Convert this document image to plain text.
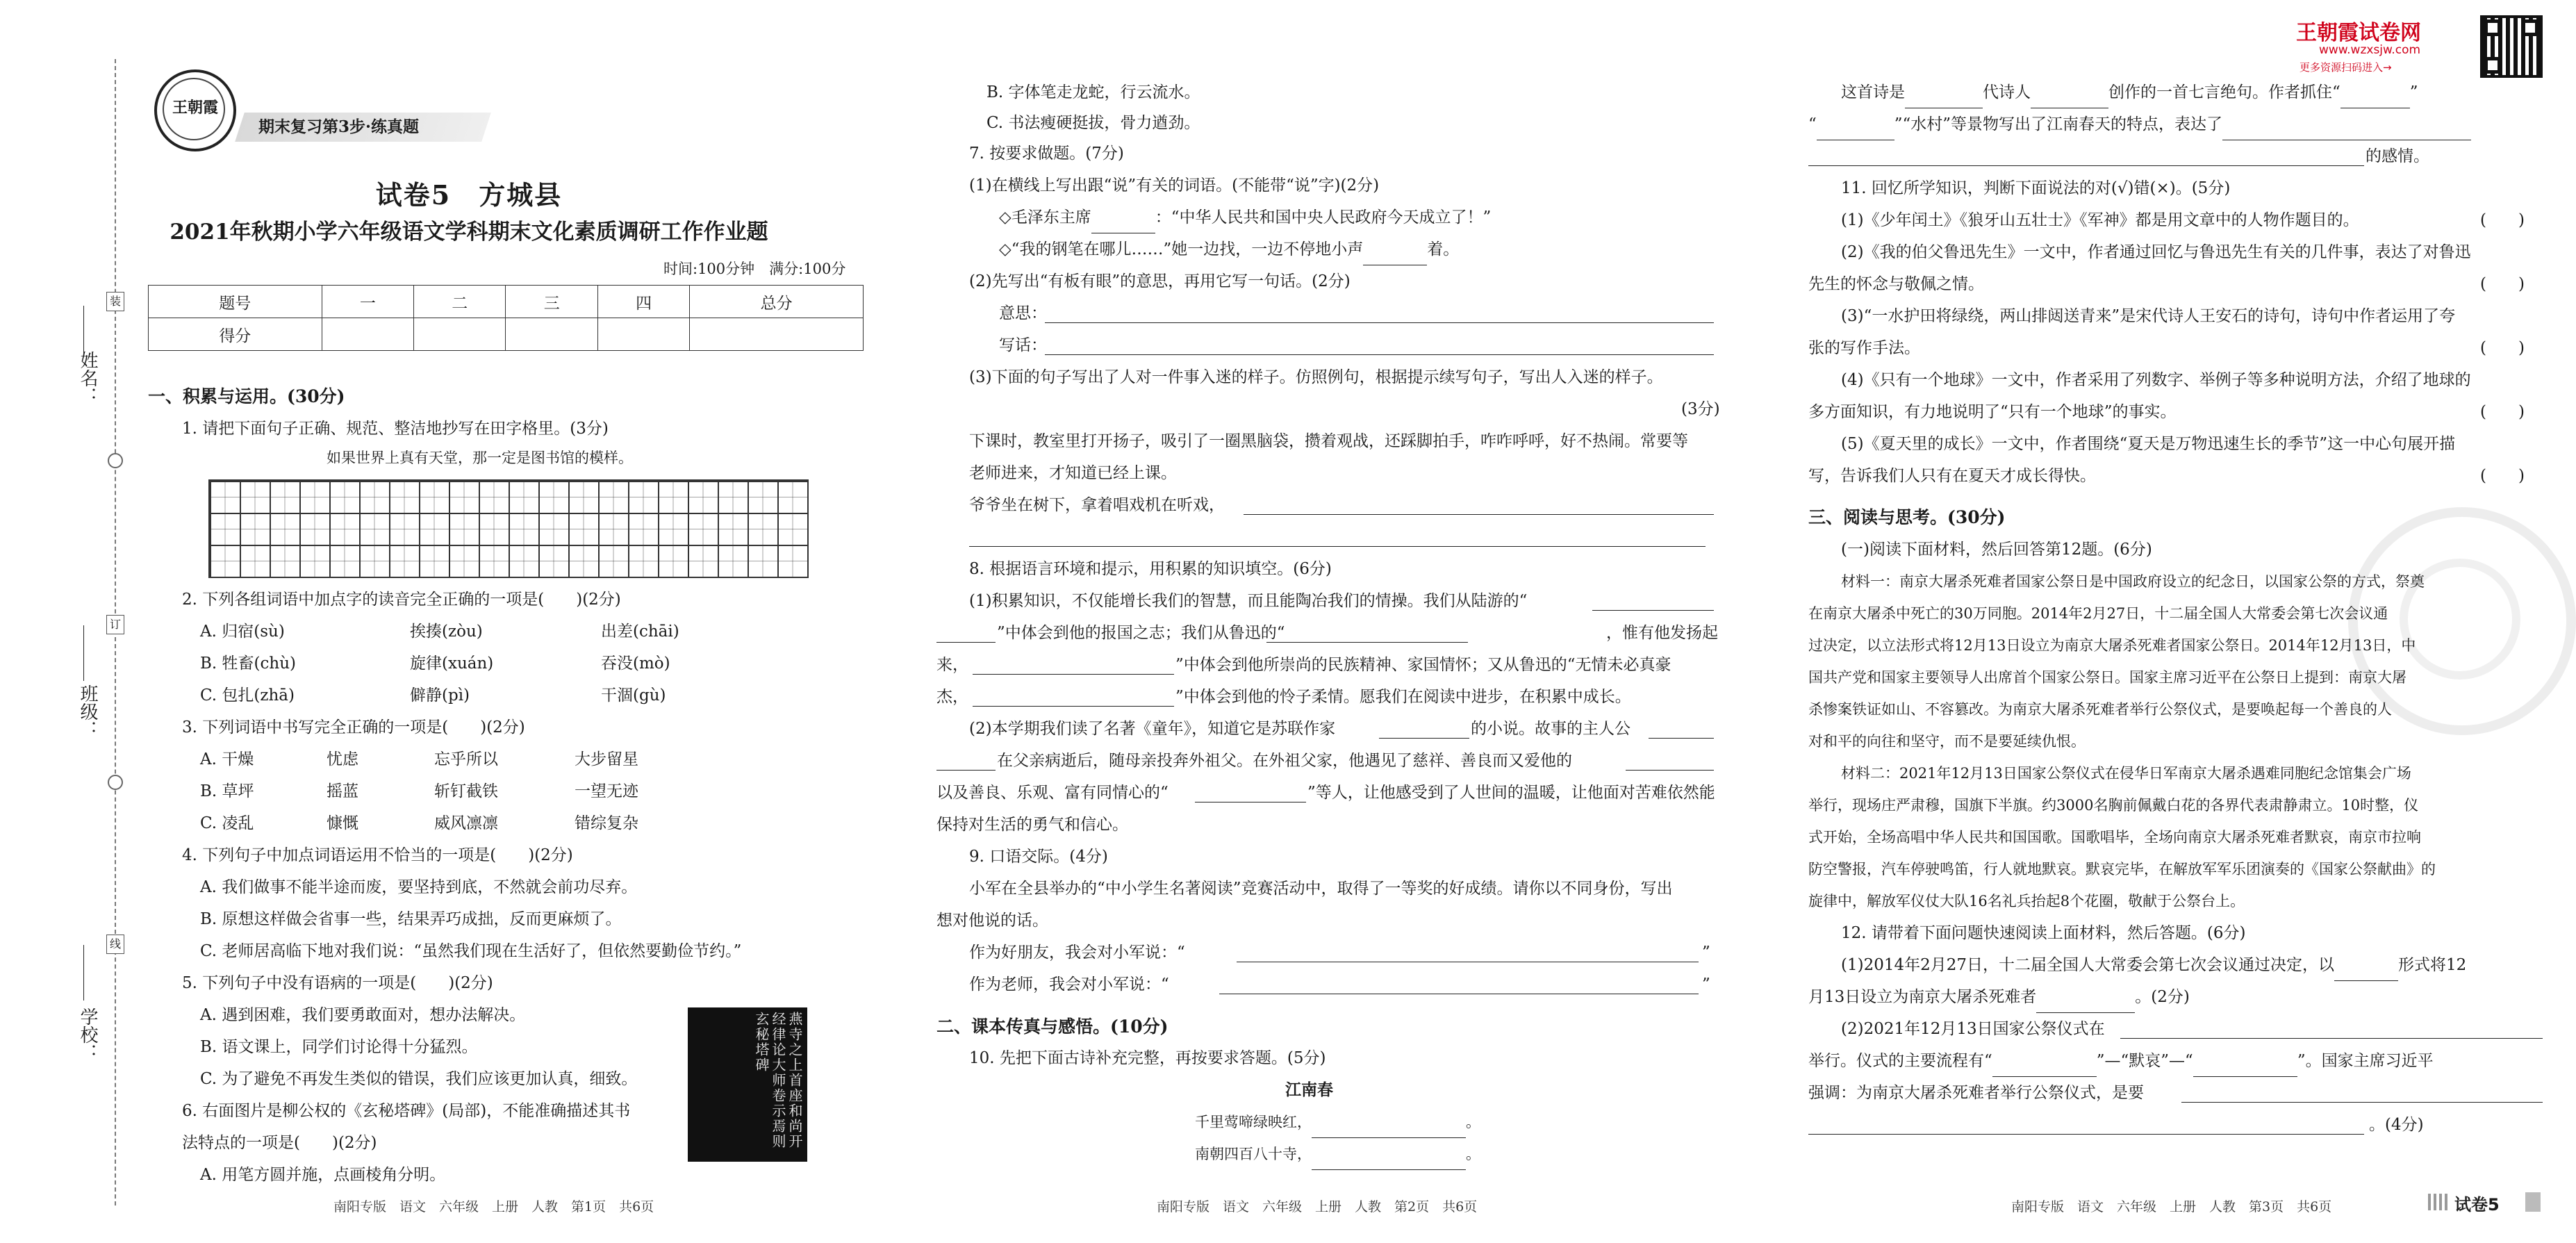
装
订
线
姓名：
班级：
学校：
王朝霞
期末复习第3步·练真题
试卷5　方城县
2021年秋期小学六年级语文学科期末文化素质调研工作作业题
时间:100分钟　满分:100分
题号	一	二	三	四	总分
得分					
一、积累与运用。(30分)
1. 请把下面句子正确、规范、整洁地抄写在田字格里。(3分)
如果世界上真有天堂，那一定是图书馆的模样。
2. 下列各组词语中加点字的读音完全正确的一项是(　　)(2分)
A. 归宿(sù)	挨揍(zòu)	出差(chāi)
B. 牲畜(chù)	旋律(xuán)	吞没(mò)
C. 包扎(zhā)	僻静(pì)	干涸(gù)
3. 下列词语中书写完全正确的一项是(　　)(2分)
A. 干燥	忧虑	忘乎所以	大步留星
B. 草坪	摇蓝	斩钉截铁	一望无迹
C. 凌乱	慷慨	威风凛凛	错综复杂
4. 下列句子中加点词语运用不恰当的一项是(　　)(2分)
A. 我们做事不能半途而废，要坚持到底，不然就会前功尽弃。
B. 原想这样做会省事一些，结果弄巧成拙，反而更麻烦了。
C. 老师居高临下地对我们说：“虽然我们现在生活好了，但依然要勤俭节约。”
5. 下列句子中没有语病的一项是(　　)(2分)
A. 遇到困难，我们要勇敢面对，想办法解决。
B. 语文课上，同学们讨论得十分猛烈。
C. 为了避免不再发生类似的错误，我们应该更加认真，细致。
6. 右面图片是柳公权的《玄秘塔碑》(局部)，不能准确描述其书
法特点的一项是(　　)(2分)
A. 用笔方圆并施，点画棱角分明。
燕寺之上首座和尚开经律论大师卷示焉则玄秘塔碑
南阳专版　语文　六年级　上册　人教　第1页　共6页
B. 字体笔走龙蛇，行云流水。
C. 书法瘦硬挺拔，骨力遒劲。
7. 按要求做题。(7分)
(1)在横线上写出跟“说”有关的词语。(不能带“说”字)(2分)
◇毛泽东主席	：“中华人民共和国中央人民政府今天成立了！”
◇“我的钢笔在哪儿……”她一边找，一边不停地小声	着。
(2)先写出“有板有眼”的意思，再用它写一句话。(2分)
意思：
写话：
(3)下面的句子写出了人对一件事入迷的样子。仿照例句，根据提示续写句子，写出人入迷的样子。
(3分)
下课时，教室里打开扬子，吸引了一圈黑脑袋，攒着观战，还踩脚拍手，咋咋呼呼，好不热闹。常要等
老师进来，才知道已经上课。
爷爷坐在树下，拿着唱戏机在听戏，
8. 根据语言环境和提示，用积累的知识填空。(6分)
(1)积累知识，不仅能增长我们的智慧，而且能陶冶我们的情操。我们从陆游的“
”中体会到他的报国之志；我们从鲁迅的“	，惟有他发扬起
来，	”中体会到他所崇尚的民族精神、家国情怀；又从鲁迅的“无情未必真豪
杰，	”中体会到他的怜子柔情。愿我们在阅读中进步，在积累中成长。
(2)本学期我们读了名著《童年》，知道它是苏联作家	的小说。故事的主人公
在父亲病逝后，随母亲投奔外祖父。在外祖父家，他遇见了慈祥、善良而又爱他的
以及善良、乐观、富有同情心的“	”等人，让他感受到了人世间的温暖，让他面对苦难依然能
保持对生活的勇气和信心。
9. 口语交际。(4分)
小军在全县举办的“中小学生名著阅读”竞赛活动中，取得了一等奖的好成绩。请你以不同身份，写出
想对他说的话。
作为好朋友，我会对小军说：“	”
作为老师，我会对小军说：“	”
二、课本传真与感悟。(10分)
10. 先把下面古诗补充完整，再按要求答题。(5分)
江南春
千里莺啼绿映红，	。
南朝四百八十寺，	。
南阳专版　语文　六年级　上册　人教　第2页　共6页
王朝霞试卷网
www.wzxsjw.com
更多资源扫码进入→
这首诗是	代诗人	创作的一首七言绝句。作者抓住“	”
“	”“水村”等景物写出了江南春天的特点，表达了
的感情。
11. 回忆所学知识，判断下面说法的对(√)错(×)。(5分)
(1)《少年闰土》《狼牙山五壮士》《军神》都是用文章中的人物作题目的。	(　　)
(2)《我的伯父鲁迅先生》一文中，作者通过回忆与鲁迅先生有关的几件事，表达了对鲁迅
先生的怀念与敬佩之情。	(　　)
(3)“一水护田将绿绕，两山排闼送青来”是宋代诗人王安石的诗句，诗句中作者运用了夸
张的写作手法。	(　　)
(4)《只有一个地球》一文中，作者采用了列数字、举例子等多种说明方法，介绍了地球的
多方面知识，有力地说明了“只有一个地球”的事实。	(　　)
(5)《夏天里的成长》一文中，作者围绕“夏天是万物迅速生长的季节”这一中心句展开描
写，告诉我们人只有在夏天才成长得快。	(　　)
三、阅读与思考。(30分)
(一)阅读下面材料，然后回答第12题。(6分)
材料一：南京大屠杀死难者国家公祭日是中国政府设立的纪念日，以国家公祭的方式，祭奠
在南京大屠杀中死亡的30万同胞。2014年2月27日，十二届全国人大常委会第七次会议通
过决定，以立法形式将12月13日设立为南京大屠杀死难者国家公祭日。2014年12月13日，中
国共产党和国家主要领导人出席首个国家公祭日。国家主席习近平在公祭日上提到：南京大屠
杀惨案铁证如山、不容篡改。为南京大屠杀死难者举行公祭仪式，是要唤起每一个善良的人
对和平的向往和坚守，而不是要延续仇恨。
材料二：2021年12月13日国家公祭仪式在侵华日军南京大屠杀遇难同胞纪念馆集会广场
举行，现场庄严肃穆，国旗下半旗。约3000名胸前佩戴白花的各界代表肃静肃立。10时整，仪
式开始，全场高唱中华人民共和国国歌。国歌唱毕，全场向南京大屠杀死难者默哀，南京市拉响
防空警报，汽车停驶鸣笛，行人就地默哀。默哀完毕，在解放军军乐团演奏的《国家公祭献曲》的
旋律中，解放军仪仗大队16名礼兵抬起8个花圈，敬献于公祭台上。
12. 请带着下面问题快速阅读上面材料，然后答题。(6分)
(1)2014年2月27日，十二届全国人大常委会第七次会议通过决定，以	形式将12
月13日设立为南京大屠杀死难者	。(2分)
(2)2021年12月13日国家公祭仪式在
举行。仪式的主要流程有“	”—“默哀”—“	”。国家主席习近平
强调：为南京大屠杀死难者举行公祭仪式，是要
。(4分)
南阳专版　语文　六年级　上册　人教　第3页　共6页	试卷5
